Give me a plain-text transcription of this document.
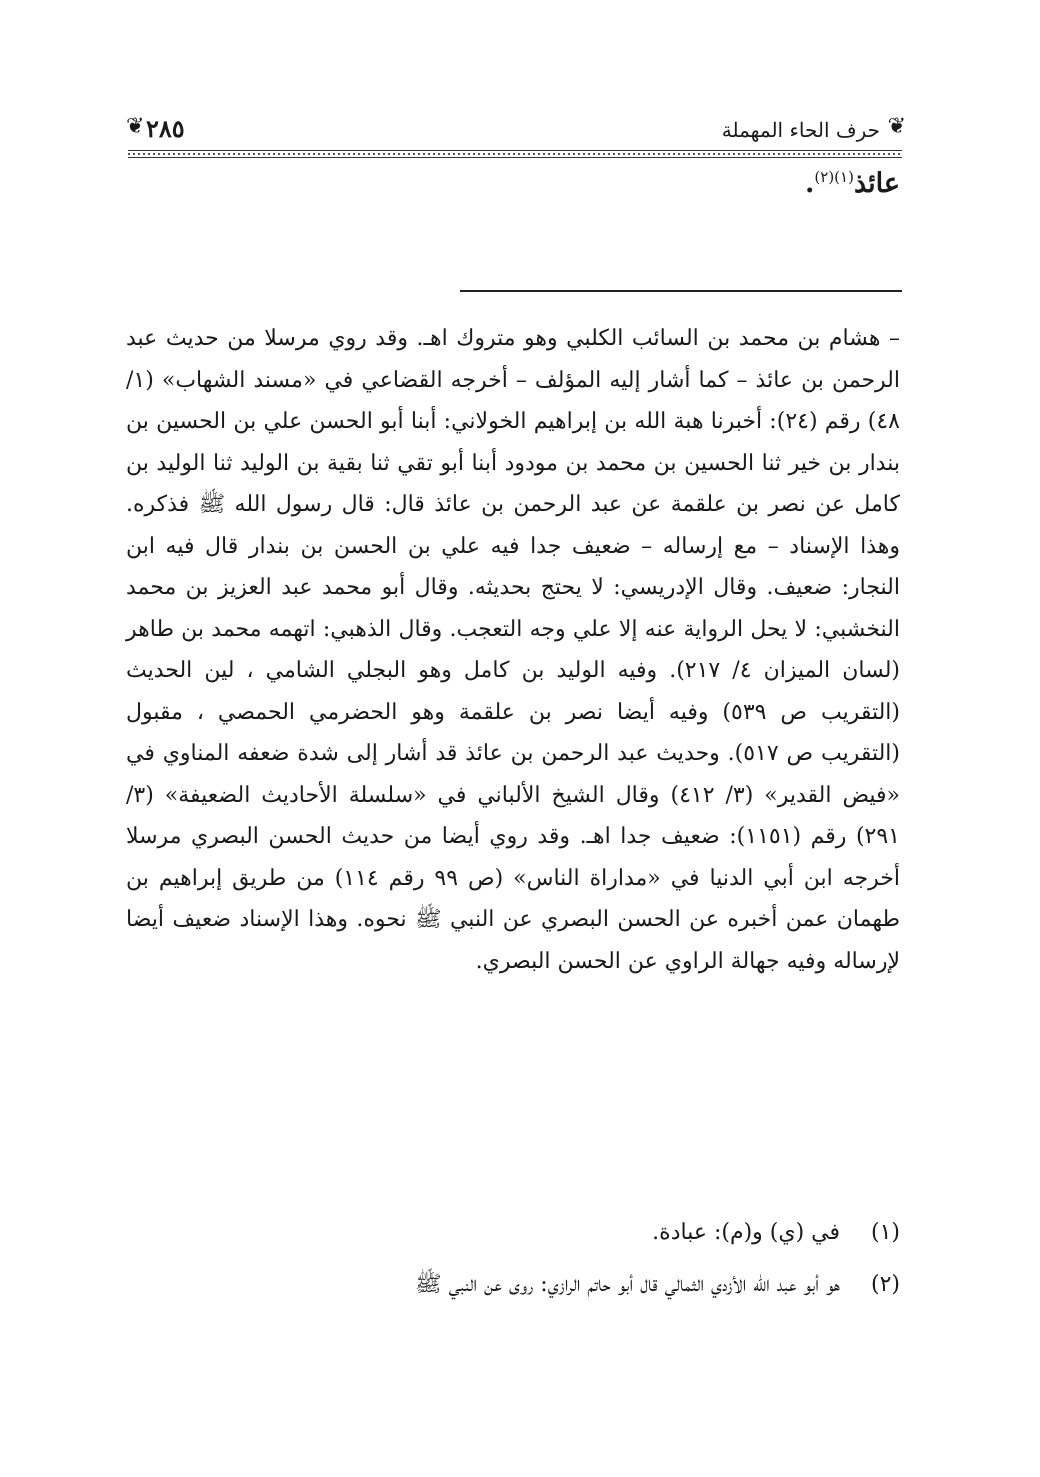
❦
حرف الحاء المهملة
٢٨٥
❦
عائذ$^{(١)(٢)}$.

– هشام بن محمد بن السائب الكلبي وهو متروك اهـ. وقد روي مرسلا من حديث عبد الرحمن بن عائذ – كما أشار إليه المؤلف – أخرجه القضاعي في «مسند الشهاب» (١/ ٤٨) رقم (٢٤): أخبرنا هبة الله بن إبراهيم الخولاني: أبنا أبو الحسن علي بن الحسين بن بندار بن خير ثنا الحسين بن محمد بن مودود أبنا أبو تقي ثنا بقية بن الوليد ثنا الوليد بن كامل عن نصر بن علقمة عن عبد الرحمن بن عائذ قال: قال رسول الله ﷺ فذكره. وهذا الإسناد – مع إرساله – ضعيف جدا فيه علي بن الحسن بن بندار قال فيه ابن النجار: ضعيف. وقال الإدريسي: لا يحتج بحديثه. وقال أبو محمد عبد العزيز بن محمد النخشبي: لا يحل الرواية عنه إلا علي وجه التعجب. وقال الذهبي: اتهمه محمد بن طاهر (لسان الميزان ٤/ ٢١٧). وفيه الوليد بن كامل وهو البجلي الشامي ، لين الحديث (التقريب ص ٥٣٩) وفيه أيضا نصر بن علقمة وهو الحضرمي الحمصي ، مقبول (التقريب ص ٥١٧). وحديث عبد الرحمن بن عائذ قد أشار إلى شدة ضعفه المناوي في «فيض القدير» (٣/ ٤١٢) وقال الشيخ الألباني في «سلسلة الأحاديث الضعيفة» (٣/ ٢٩١) رقم (١١٥١): ضعيف جدا اهـ. وقد روي أيضا من حديث الحسن البصري مرسلا أخرجه ابن أبي الدنيا في «مداراة الناس» (ص ٩٩ رقم ١١٤) من طريق إبراهيم بن طهمان عمن أخبره عن الحسن البصري عن النبي ﷺ نحوه. وهذا الإسناد ضعيف أيضا لإرساله وفيه جهالة الراوي عن الحسن البصري.

(١)
في (ي) و(م): عبادة.
(٢)
هو أبو عبد الله الأزدي الثمالي قال أبو حاتم الرازي: روى عن النبي ﷺ
